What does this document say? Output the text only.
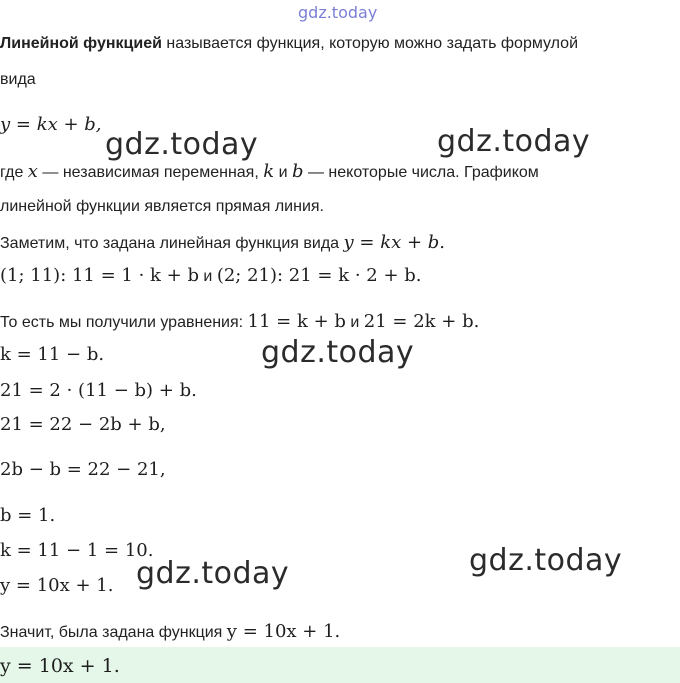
gdz.today
Линейной функцией называется функция, которую можно задать формулой
вида
y = kx + b,
где x — независимая переменная, k и b — некоторые числа. Графиком
линейной функции является прямая линия.
Заметим, что задана линейная функция вида y = kx + b.
(1; 11): 11 = 1 · k + b и (2; 21): 21 = k · 2 + b.
То есть мы получили уравнения: 11 = k + b и 21 = 2k + b.
k = 11 − b.
21 = 2 · (11 − b) + b.
21 = 22 − 2b + b,
2b − b = 22 − 21,
b = 1.
k = 11 − 1 = 10.
y = 10x + 1.
Значит, была задана функция y = 10x + 1.
y = 10x + 1.
gdz.today	gdz.today
gdz.today
gdz.today
gdz.today
